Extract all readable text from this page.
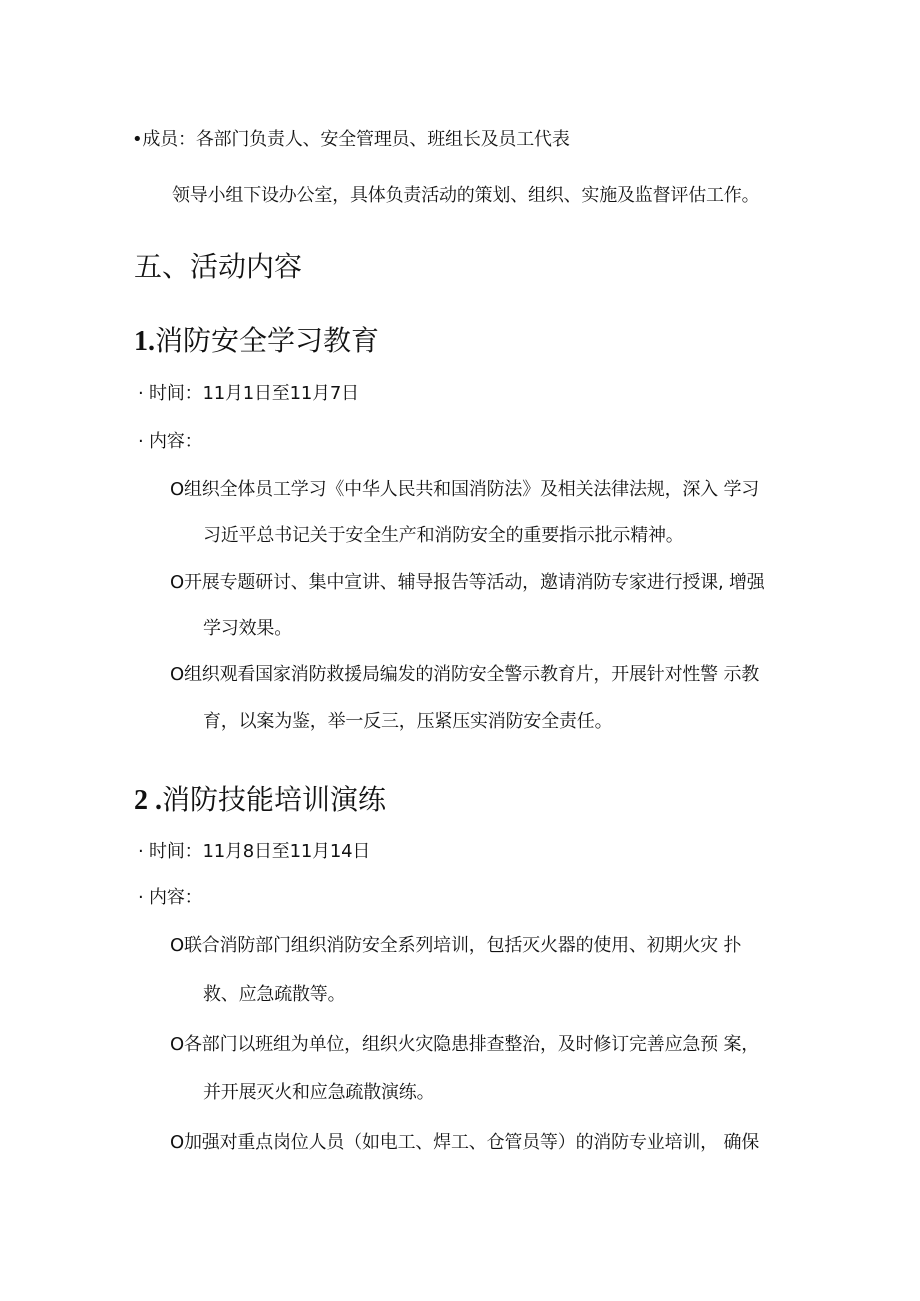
•成员：各部门负责人、安全管理员、班组长及员工代表
领导小组下设办公室，具体负责活动的策划、组织、实施及监督评估工作。
五、活动内容
1.消防安全学习教育
· 时间：11月1日至11月7日
· 内容：
O组织全体员工学习《中华人民共和国消防法》及相关法律法规，深入 学习
习近平总书记关于安全生产和消防安全的重要指示批示精神。
O开展专题研讨、集中宣讲、辅导报告等活动，邀请消防专家进行授课, 增强
学习效果。
O组织观看国家消防救援局编发的消防安全警示教育片，开展针对性警 示教
育，以案为鉴，举一反三，压紧压实消防安全责任。
2 .消防技能培训演练
· 时间：11月8日至11月14日
· 内容：
O联合消防部门组织消防安全系列培训，包括灭火器的使用、初期火灾 扑
救、应急疏散等。
O各部门以班组为单位，组织火灾隐患排查整治，及时修订完善应急预 案，
并开展灭火和应急疏散演练。
O加强对重点岗位人员（如电工、焊工、仓管员等）的消防专业培训， 确保
